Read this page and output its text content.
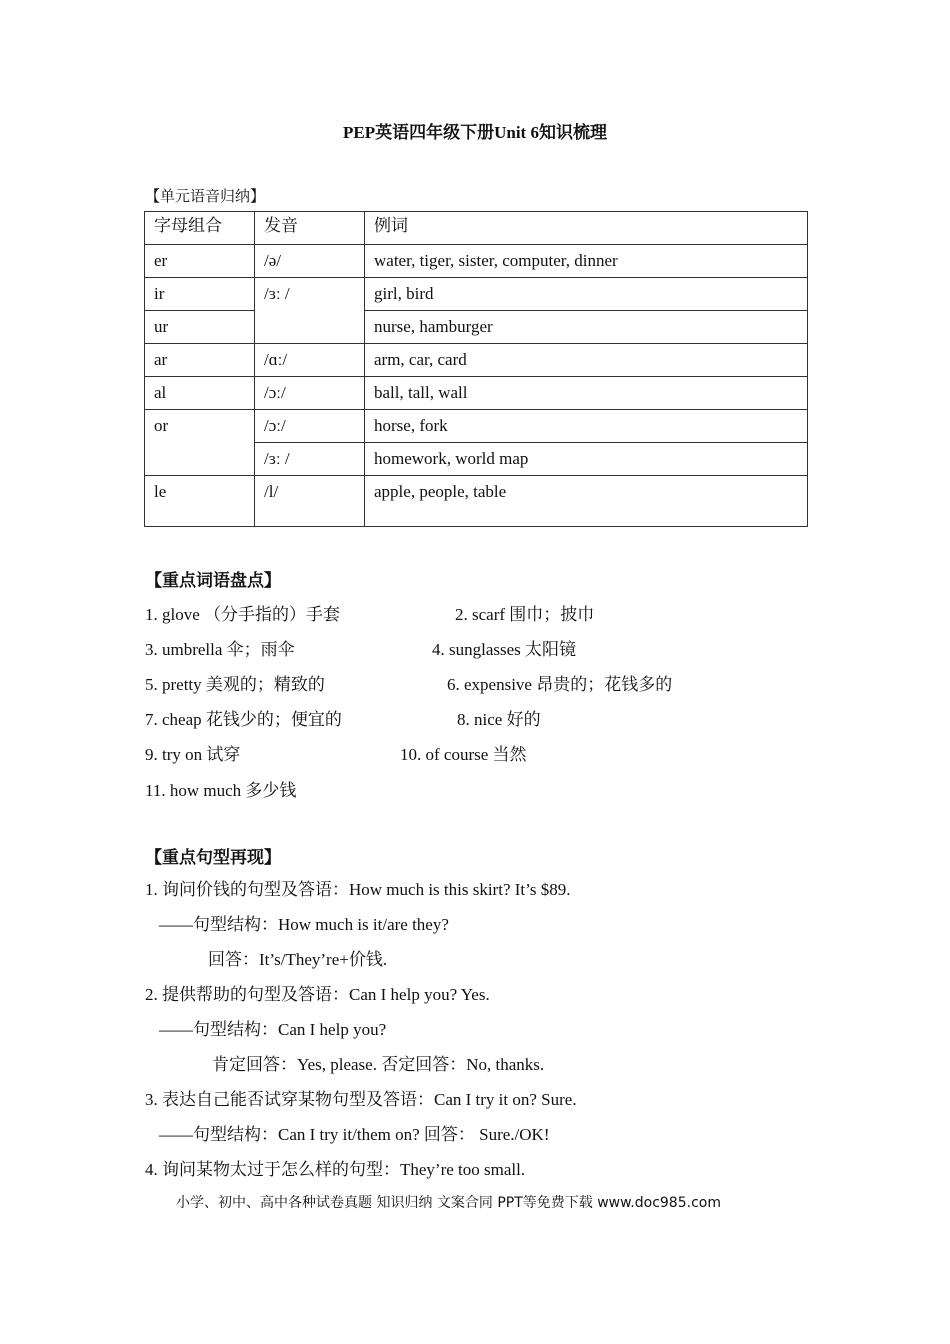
PEP英语四年级下册Unit 6知识梳理
【单元语音归纳】
字母组合	发音	例词
er	/ə/	water, tiger, sister, computer, dinner
ir	/ɜː /	girl, bird
ur		nurse, hamburger
ar	/ɑː/	arm, car, card
al	/ɔː/	ball, tall, wall
or	/ɔː/	horse, fork
	/ɜː /	homework, world map
le	/l/	apple, people, table
【重点词语盘点】
1. glove （分手指的）手套	2. scarf 围巾；披巾
3. umbrella 伞；雨伞	4. sunglasses 太阳镜
5. pretty 美观的；精致的	6. expensive 昂贵的；花钱多的
7. cheap 花钱少的；便宜的	8. nice 好的
9. try on 试穿	10. of course 当然
11. how much 多少钱
【重点句型再现】
1. 询问价钱的句型及答语：How much is this skirt? It’s $89.
——句型结构：How much is it/are they?
回答：It’s/They’re+价钱.
2. 提供帮助的句型及答语：Can I help you? Yes.
——句型结构：Can I help you?
肯定回答：Yes, please. 否定回答：No, thanks.
3. 表达自己能否试穿某物句型及答语：Can I try it on? Sure.
——句型结构：Can I try it/them on? 回答： Sure./OK!
4. 询问某物太过于怎么样的句型：They’re too small.
小学、初中、高中各种试卷真题 知识归纳 文案合同 PPT等免费下载 www.doc985.com
